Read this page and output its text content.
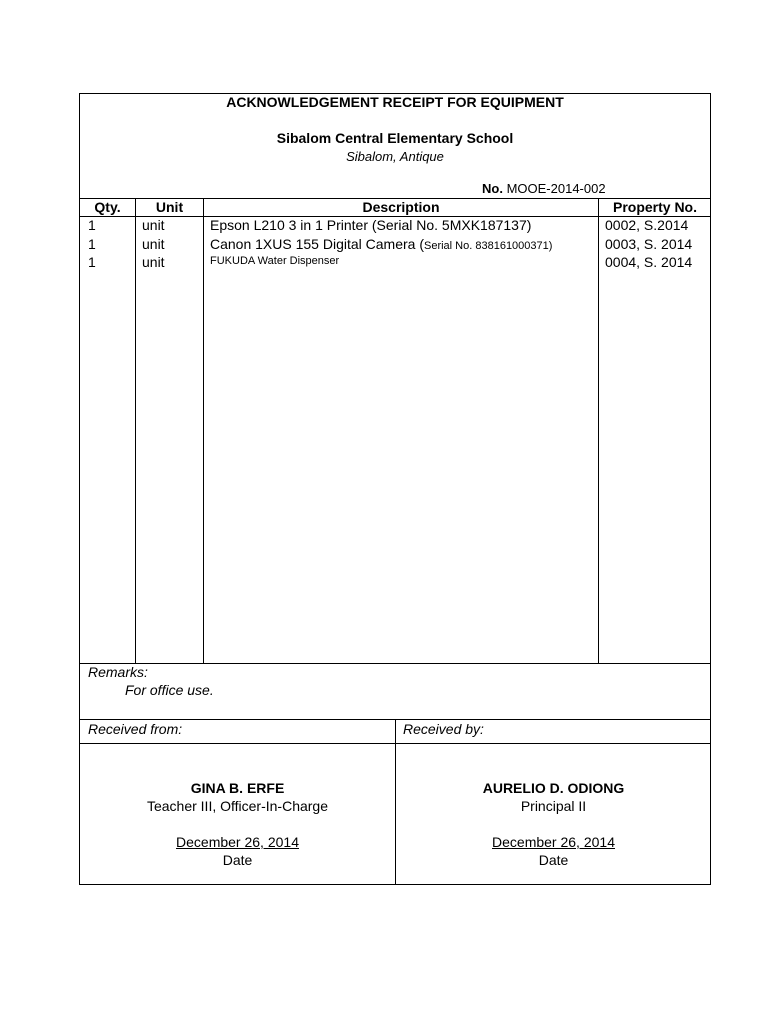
ACKNOWLEDGEMENT RECEIPT FOR EQUIPMENT
Sibalom Central Elementary School
Sibalom, Antique
No. MOOE-2014-002
Qty.	Unit	Description	Property No.
1	unit	Epson L210 3 in 1 Printer (Serial No. 5MXK187137)	0002, S.2014
1	unit	Canon 1XUS 155 Digital Camera (Serial No. 838161000371)	0003, S. 2014
1	unit	FUKUDA Water Dispenser	0004, S. 2014
Remarks:
For office use.
Received from:	Received by:
GINA B. ERFE
Teacher III, Officer-In-Charge
December 26, 2014
Date
AURELIO D. ODIONG
Principal II
December 26, 2014
Date
